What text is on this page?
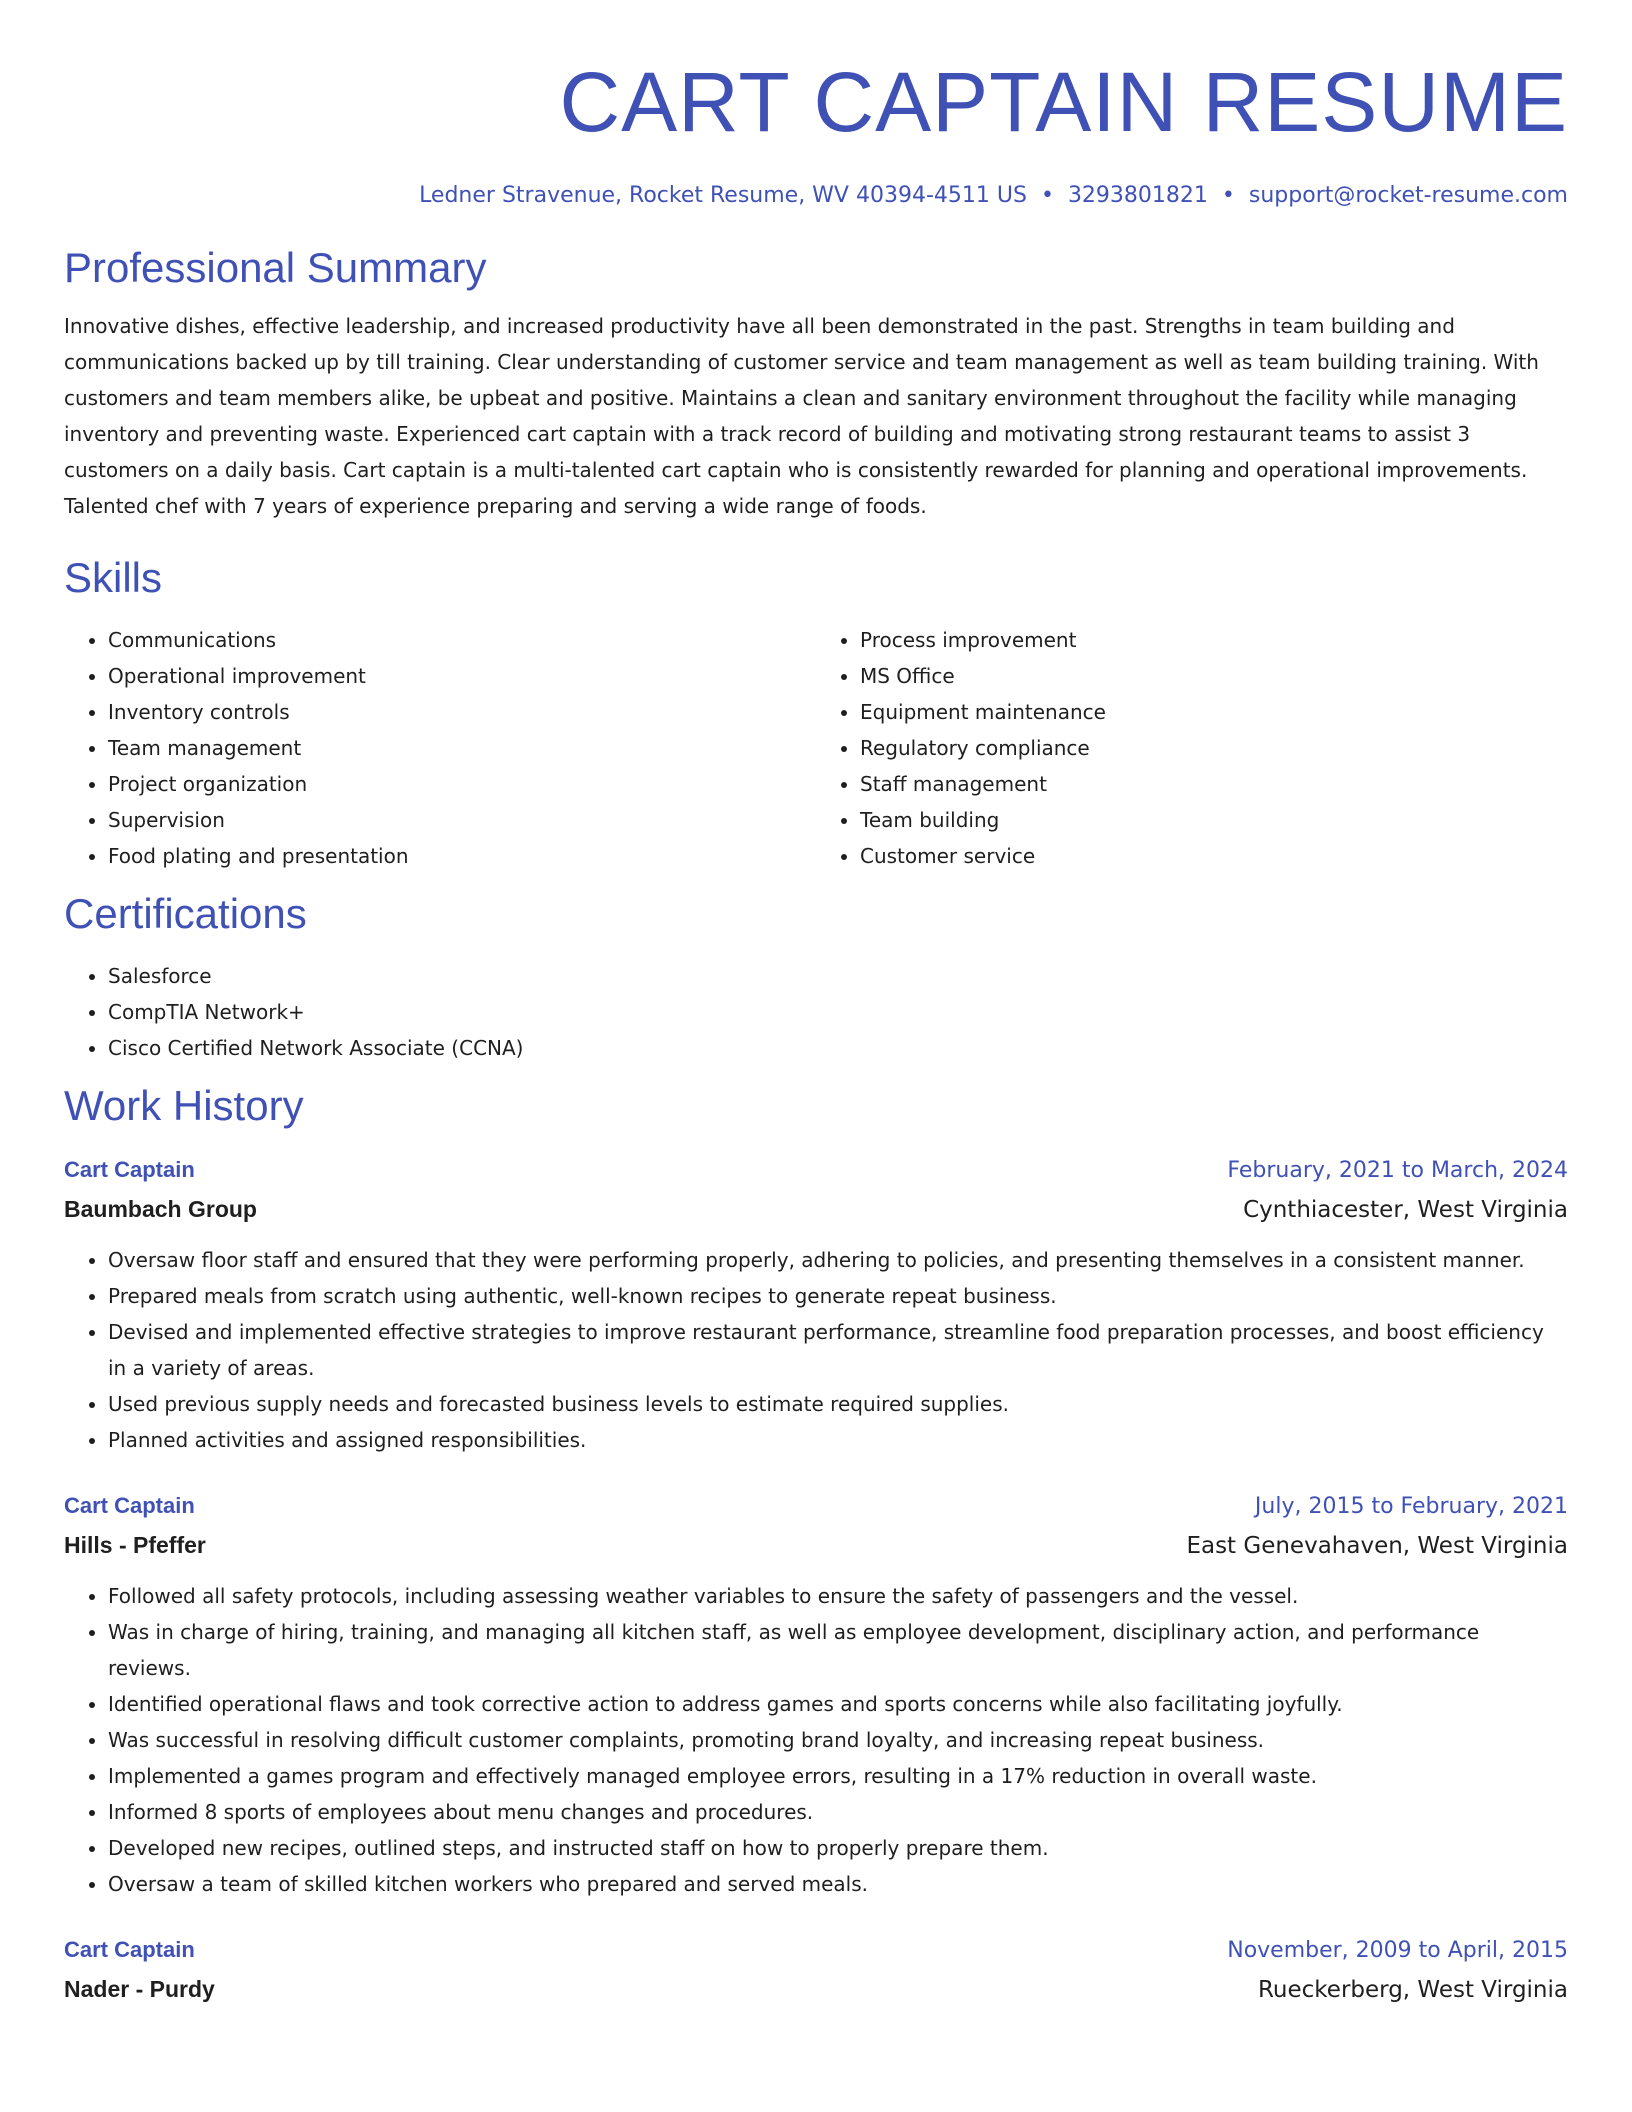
CART CAPTAIN RESUME
Ledner Stravenue, Rocket Resume, WV 40394-4511 US • 3293801821 • support@rocket-resume.com
Professional Summary
Innovative dishes, effective leadership, and increased productivity have all been demonstrated in the past. Strengths in team building and communications backed up by till training. Clear understanding of customer service and team management as well as team building training. With customers and team members alike, be upbeat and positive. Maintains a clean and sanitary environment throughout the facility while managing inventory and preventing waste. Experienced cart captain with a track record of building and motivating strong restaurant teams to assist 3 customers on a daily basis. Cart captain is a multi-talented cart captain who is consistently rewarded for planning and operational improvements. Talented chef with 7 years of experience preparing and serving a wide range of foods.
Skills
• Communications
• Operational improvement
• Inventory controls
• Team management
• Project organization
• Supervision
• Food plating and presentation
• Process improvement
• MS Office
• Equipment maintenance
• Regulatory compliance
• Staff management
• Team building
• Customer service
Certifications
• Salesforce
• CompTIA Network+
• Cisco Certified Network Associate (CCNA)
Work History
Cart Captain	February, 2021 to March, 2024
Baumbach Group	Cynthiacester, West Virginia
• Oversaw floor staff and ensured that they were performing properly, adhering to policies, and presenting themselves in a consistent manner.
• Prepared meals from scratch using authentic, well-known recipes to generate repeat business.
• Devised and implemented effective strategies to improve restaurant performance, streamline food preparation processes, and boost efficiency in a variety of areas.
• Used previous supply needs and forecasted business levels to estimate required supplies.
• Planned activities and assigned responsibilities.
Cart Captain	July, 2015 to February, 2021
Hills - Pfeffer	East Genevahaven, West Virginia
• Followed all safety protocols, including assessing weather variables to ensure the safety of passengers and the vessel.
• Was in charge of hiring, training, and managing all kitchen staff, as well as employee development, disciplinary action, and performance reviews.
• Identified operational flaws and took corrective action to address games and sports concerns while also facilitating joyfully.
• Was successful in resolving difficult customer complaints, promoting brand loyalty, and increasing repeat business.
• Implemented a games program and effectively managed employee errors, resulting in a 17% reduction in overall waste.
• Informed 8 sports of employees about menu changes and procedures.
• Developed new recipes, outlined steps, and instructed staff on how to properly prepare them.
• Oversaw a team of skilled kitchen workers who prepared and served meals.
Cart Captain	November, 2009 to April, 2015
Nader - Purdy	Rueckerberg, West Virginia
